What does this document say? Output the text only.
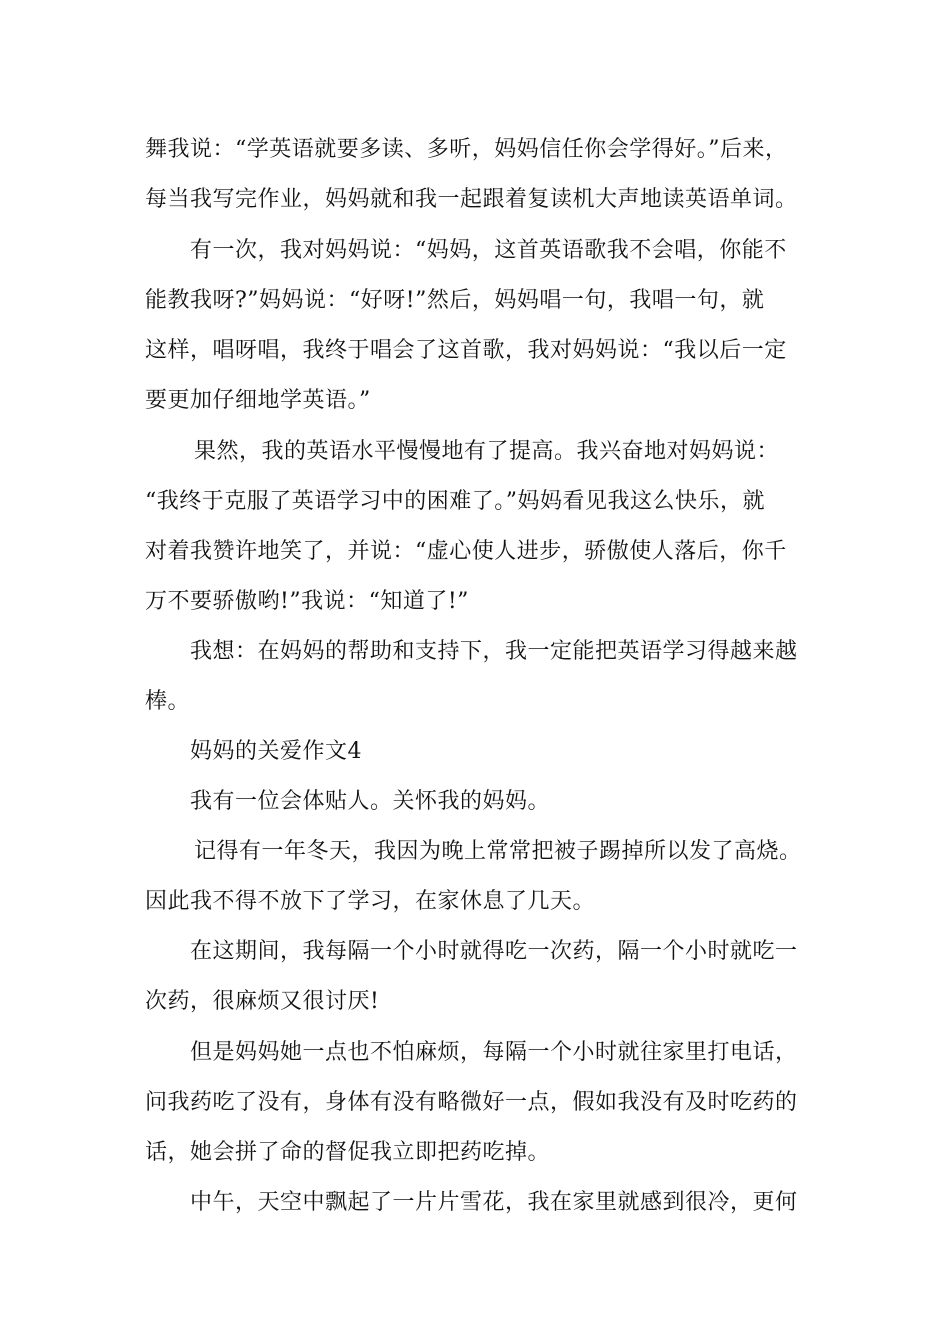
舞我说：“学英语就要多读、多听，妈妈信任你会学得好。”后来，
每当我写完作业，妈妈就和我一起跟着复读机大声地读英语单词。
有一次，我对妈妈说：“妈妈，这首英语歌我不会唱，你能不
能教我呀?”妈妈说：“好呀!”然后，妈妈唱一句，我唱一句，就
这样，唱呀唱，我终于唱会了这首歌，我对妈妈说：“我以后一定
要更加仔细地学英语。”
果然，我的英语水平慢慢地有了提高。我兴奋地对妈妈说：
“我终于克服了英语学习中的困难了。”妈妈看见我这么快乐，就
对着我赞许地笑了，并说：“虚心使人进步，骄傲使人落后，你千
万不要骄傲哟!”我说：“知道了!”
我想：在妈妈的帮助和支持下，我一定能把英语学习得越来越
棒。
妈妈的关爱作文4
我有一位会体贴人。关怀我的妈妈。
记得有一年冬天，我因为晚上常常把被子踢掉所以发了高烧。
因此我不得不放下了学习，在家休息了几天。
在这期间，我每隔一个小时就得吃一次药，隔一个小时就吃一
次药，很麻烦又很讨厌!
但是妈妈她一点也不怕麻烦，每隔一个小时就往家里打电话，
问我药吃了没有，身体有没有略微好一点，假如我没有及时吃药的
话，她会拼了命的督促我立即把药吃掉。
中午，天空中飘起了一片片雪花，我在家里就感到很冷，更何
